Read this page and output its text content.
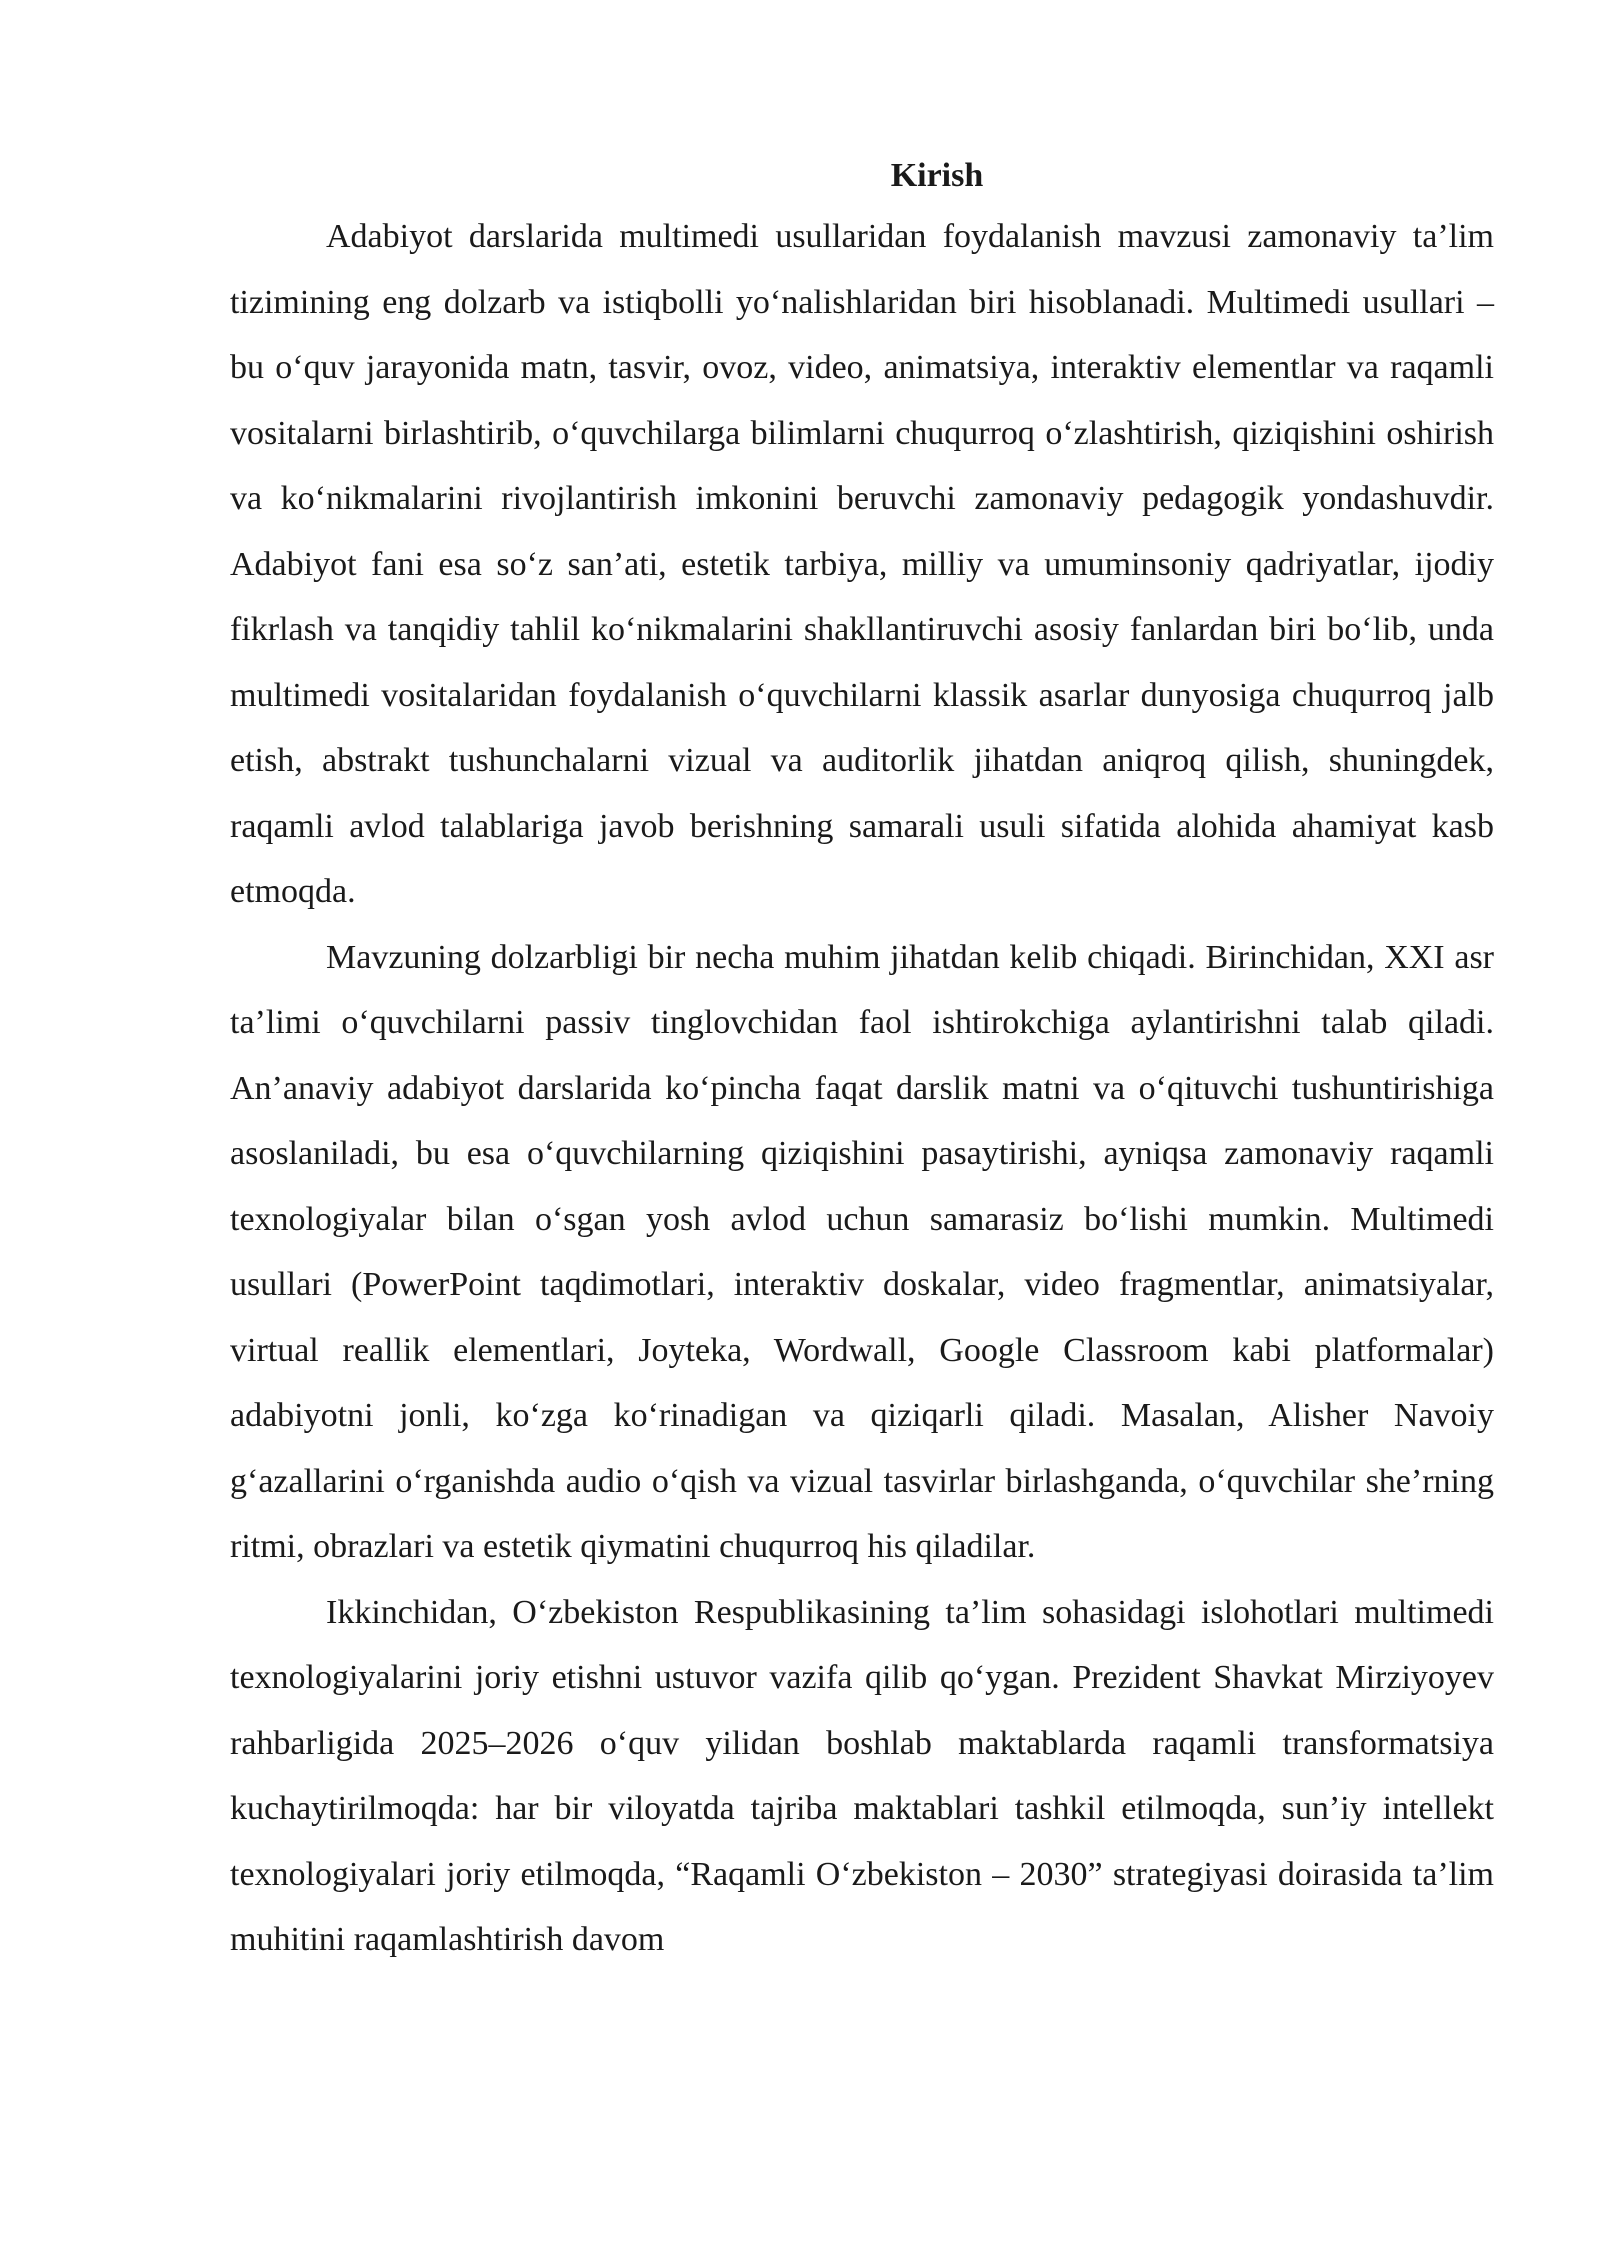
Kirish

Adabiyot darslarida multimedi usullaridan foydalanish mavzusi zamonaviy ta’lim tizimining eng dolzarb va istiqbolli yo‘nalishlaridan biri hisoblanadi. Multimedi usullari – bu o‘quv jarayonida matn, tasvir, ovoz, video, animatsiya, interaktiv elementlar va raqamli vositalarni birlashtirib, o‘quvchilarga bilimlarni chuqurroq o‘zlashtirish, qiziqishini oshirish va ko‘nikmalarini rivojlantirish imkonini beruvchi zamonaviy pedagogik yondashuvdir. Adabiyot fani esa so‘z san’ati, estetik tarbiya, milliy va umuminsoniy qadriyatlar, ijodiy fikrlash va tanqidiy tahlil ko‘nikmalarini shakllantiruvchi asosiy fanlardan biri bo‘lib, unda multimedi vositalaridan foydalanish o‘quvchilarni klassik asarlar dunyosiga chuqurroq jalb etish, abstrakt tushunchalarni vizual va auditorlik jihatdan aniqroq qilish, shuningdek, raqamli avlod talablariga javob berishning samarali usuli sifatida alohida ahamiyat kasb etmoqda.

Mavzuning dolzarbligi bir necha muhim jihatdan kelib chiqadi. Birinchidan, XXI asr ta’limi o‘quvchilarni passiv tinglovchidan faol ishtirokchiga aylantirishni talab qiladi. An’anaviy adabiyot darslarida ko‘pincha faqat darslik matni va o‘qituvchi tushuntirishiga asoslaniladi, bu esa o‘quvchilarning qiziqishini pasaytirishi, ayniqsa zamonaviy raqamli texnologiyalar bilan o‘sgan yosh avlod uchun samarasiz bo‘lishi mumkin. Multimedi usullari (PowerPoint taqdimotlari, interaktiv doskalar, video fragmentlar, animatsiyalar, virtual reallik elementlari, Joyteka, Wordwall, Google Classroom kabi platformalar) adabiyotni jonli, ko‘zga ko‘rinadigan va qiziqarli qiladi. Masalan, Alisher Navoiy g‘azallarini o‘rganishda audio o‘qish va vizual tasvirlar birlashganda, o‘quvchilar she’rning ritmi, obrazlari va estetik qiymatini chuqurroq his qiladilar.

Ikkinchidan, O‘zbekiston Respublikasining ta’lim sohasidagi islohotlari multimedi texnologiyalarini joriy etishni ustuvor vazifa qilib qo‘ygan. Prezident Shavkat Mirziyoyev rahbarligida 2025–2026 o‘quv yilidan boshlab maktablarda raqamli transformatsiya kuchaytirilmoqda: har bir viloyatda tajriba maktablari tashkil etilmoqda, sun’iy intellekt texnologiyalari joriy etilmoqda, “Raqamli O‘zbekiston – 2030” strategiyasi doirasida ta’lim muhitini raqamlashtirish davom
